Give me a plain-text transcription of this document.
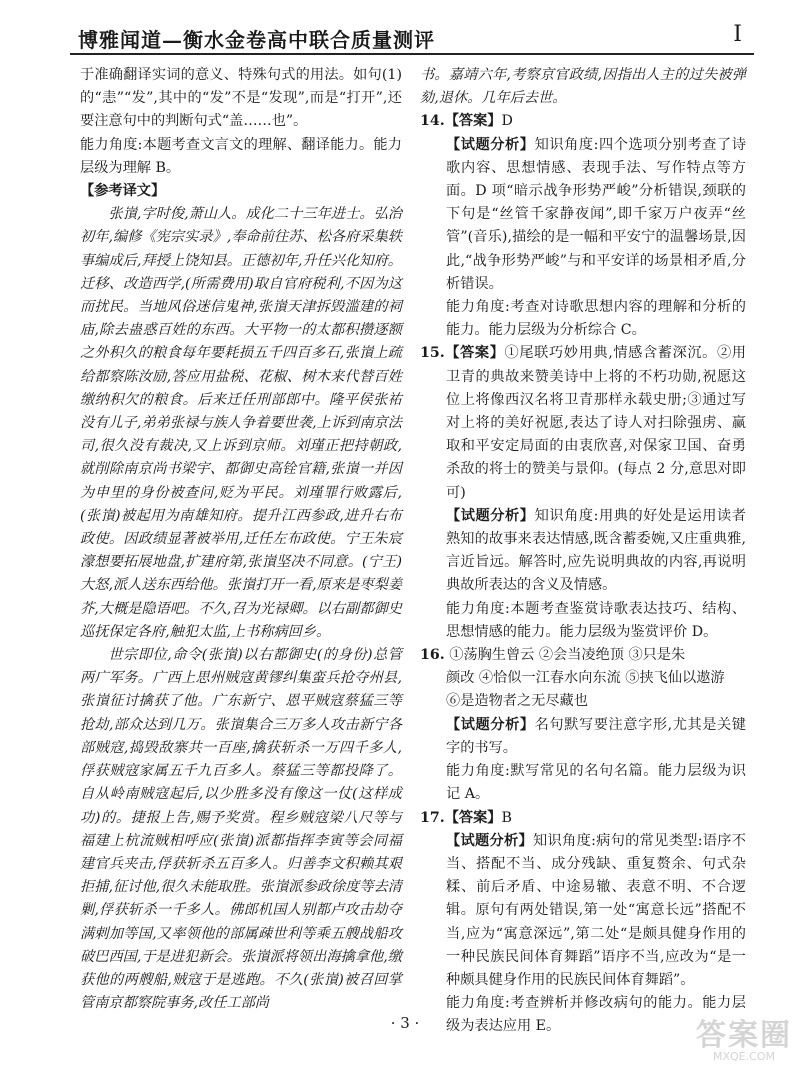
博雅闻道—衡水金卷高中联合质量测评	I

于准确翻译实词的意义、特殊句式的用法。如句(1)的“恚”“发”,其中的“发”不是“发现”,而是“打开”,还要注意句中的判断句式“盖……也”。

能力角度:本题考查文言文的理解、翻译能力。能力层级为理解 B。

【参考译文】

张嵿,字时俊,萧山人。成化二十三年进士。弘治初年,编修《宪宗实录》,奉命前往苏、松各府采集轶事编成后,拜授上饶知县。正德初年,升任兴化知府。迁移、改造西学,(所需费用)取自官府税利,不因为这而扰民。当地风俗迷信鬼神,张嵿天津拆毁滥建的祠庙,除去蛊惑百姓的东西。大平物一的太都积攒逐额之外积久的粮食每年要耗损五千四百多石,张嵿上疏给都察陈汝励,答应用盐税、花椒、树木来代替百姓缴纳积欠的粮食。后来迁任刑部郎中。隆平侯张祐没有儿子,弟弟张禄与族人争着要世袭,上诉到南京法司,很久没有裁决,又上诉到京师。刘瑾正把持朝政,就削除南京尚书梁宇、都御史高铨官籍,张嵿一并因为申里的身份被查问,贬为平民。刘瑾罪行败露后,(张嵿)被起用为南雄知府。提升江西参政,进升右布政使。因政绩显著被举用,迁任左布政使。宁王朱宸濠想要拓展地盘,扩建府第,张嵿坚决不同意。(宁王)大怒,派人送东西给他。张嵿打开一看,原来是枣梨姜芥,大概是隐语吧。不久,召为光禄卿。以右副都御史巡抚保定各府,触犯太监,上书称病回乡。

世宗即位,命令(张嵿)以右都御史(的身份)总管两广军务。广西上思州贼寇黄镠纠集蛮兵抢夺州县,张嵿征讨擒获了他。广东新宁、恩平贼寇蔡猛三等抢劫,部众达到几万。张嵿集合三万多人攻击新宁各部贼寇,捣毁敌寨共一百座,擒获斩杀一万四千多人,俘获贼寇家属五千九百多人。蔡猛三等都投降了。自从岭南贼寇起后,以少胜多没有像这一仗(这样成功)的。捷报上告,赐予奖赏。程乡贼寇梁八尺等与福建上杭流贼相呼应(张嵿)派都指挥李寅等会同福建官兵夹击,俘获斩杀五百多人。归善李文积赖其艰拒捕,征讨他,很久未能取胜。张嵿派参政徐度等去清剿,俘获斩杀一千多人。佛郎机国人别都卢攻击劫夺满剌加等国,又率领他的部属疎世利等乘五艘战船攻破巴西国,于是进犯新会。张嵿派将领出海擒拿他,缴获他的两艘船,贼寇于是逃跑。不久(张嵿)被召回掌管南京都察院事务,改任工部尚

书。嘉靖六年,考察京官政绩,因指出人主的过失被弹劾,退休。几年后去世。

14.【答案】D

【试题分析】知识角度:四个选项分别考查了诗歌内容、思想情感、表现手法、写作特点等方面。D 项“暗示战争形势严峻”分析错误,颈联的下句是“丝管千家静夜闻”,即千家万户夜弄“丝管”(音乐),描绘的是一幅和平安宁的温馨场景,因此,“战争形势严峻”与和平安详的场景相矛盾,分析错误。

能力角度:考查对诗歌思想内容的理解和分析的能力。能力层级为分析综合 C。

15.【答案】①尾联巧妙用典,情感含蓄深沉。②用卫青的典故来赞美诗中上将的不朽功勋,祝愿这位上将像西汉名将卫青那样永载史册;③通过写对上将的美好祝愿,表达了诗人对扫除强虏、赢取和平安定局面的由衷欣喜,对保家卫国、奋勇杀敌的将士的赞美与景仰。(每点 2 分,意思对即可)

【试题分析】知识角度:用典的好处是运用读者熟知的故事来表达情感,既含蓄委婉,又庄重典雅,言近旨远。解答时,应先说明典故的内容,再说明典故所表达的含义及情感。

能力角度:本题考查鉴赏诗歌表达技巧、结构、思想情感的能力。能力层级为鉴赏评价 D。

16. ①荡胸生曾云 ②会当凌绝顶 ③只是朱

颜改 ④恰似一江春水向东流 ⑤挟飞仙以遨游

⑥是造物者之无尽藏也

【试题分析】名句默写要注意字形,尤其是关键字的书写。

能力角度:默写常见的名句名篇。能力层级为识记 A。

17.【答案】B

【试题分析】知识角度:病句的常见类型:语序不当、搭配不当、成分残缺、重复赘余、句式杂糅、前后矛盾、中途易辙、表意不明、不合逻辑。原句有两处错误,第一处“寓意长远”搭配不当,应为“寓意深远”,第二处“是颇具健身作用的一种民族民间体育舞蹈”语序不当,应改为“是一种颇具健身作用的民族民间体育舞蹈”。

能力角度:考查辨析并修改病句的能力。能力层级为表达应用 E。

· 3 ·	答案圈
MXQE.COM
